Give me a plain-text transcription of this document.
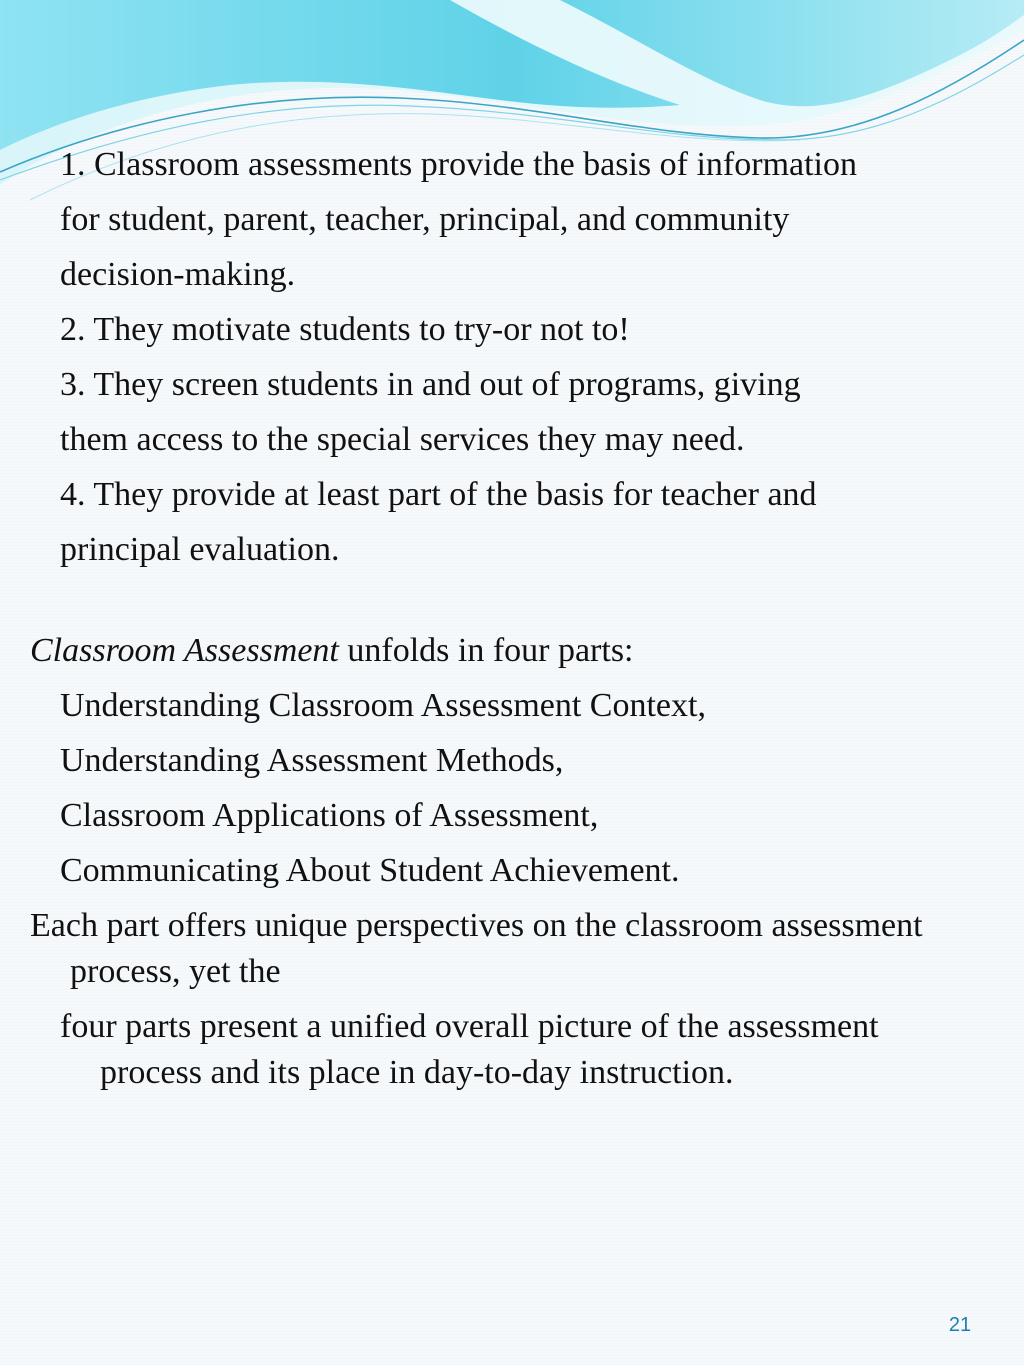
1. Classroom assessments provide the basis of information

for student, parent, teacher, principal, and community

decision-making.

2. They motivate students to try-or not to!

3. They screen students in and out of programs, giving

them access to the special services they may need.

4. They provide at least part of the basis for teacher and

principal evaluation.

Classroom Assessment unfolds in four parts:

Understanding Classroom Assessment Context,

Understanding Assessment Methods,

Classroom Applications of Assessment,

Communicating About Student Achievement.

Each part offers unique perspectives on the classroom assessment process, yet the

four parts present a unified overall picture of the assessment process and its place in day-to-day instruction.

21
